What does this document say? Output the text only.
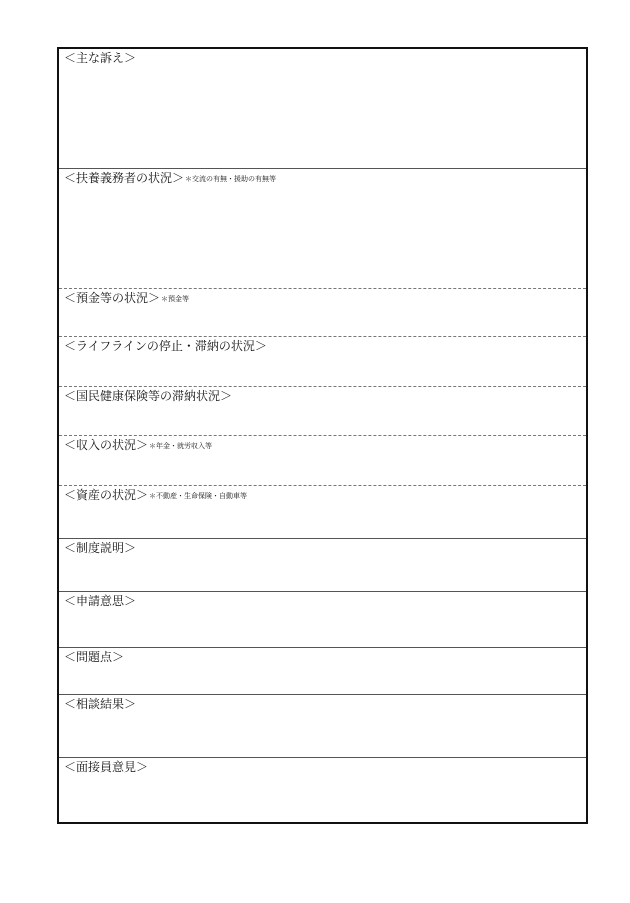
＜主な訴え＞
＜扶養義務者の状況＞＊交流の有無・援助の有無等
＜預金等の状況＞＊預金等
＜ライフラインの停止・滞納の状況＞
＜国民健康保険等の滞納状況＞
＜収入の状況＞＊年金・就労収入等
＜資産の状況＞＊不動産・生命保険・自動車等
＜制度説明＞
＜申請意思＞
＜問題点＞
＜相談結果＞
＜面接員意見＞
